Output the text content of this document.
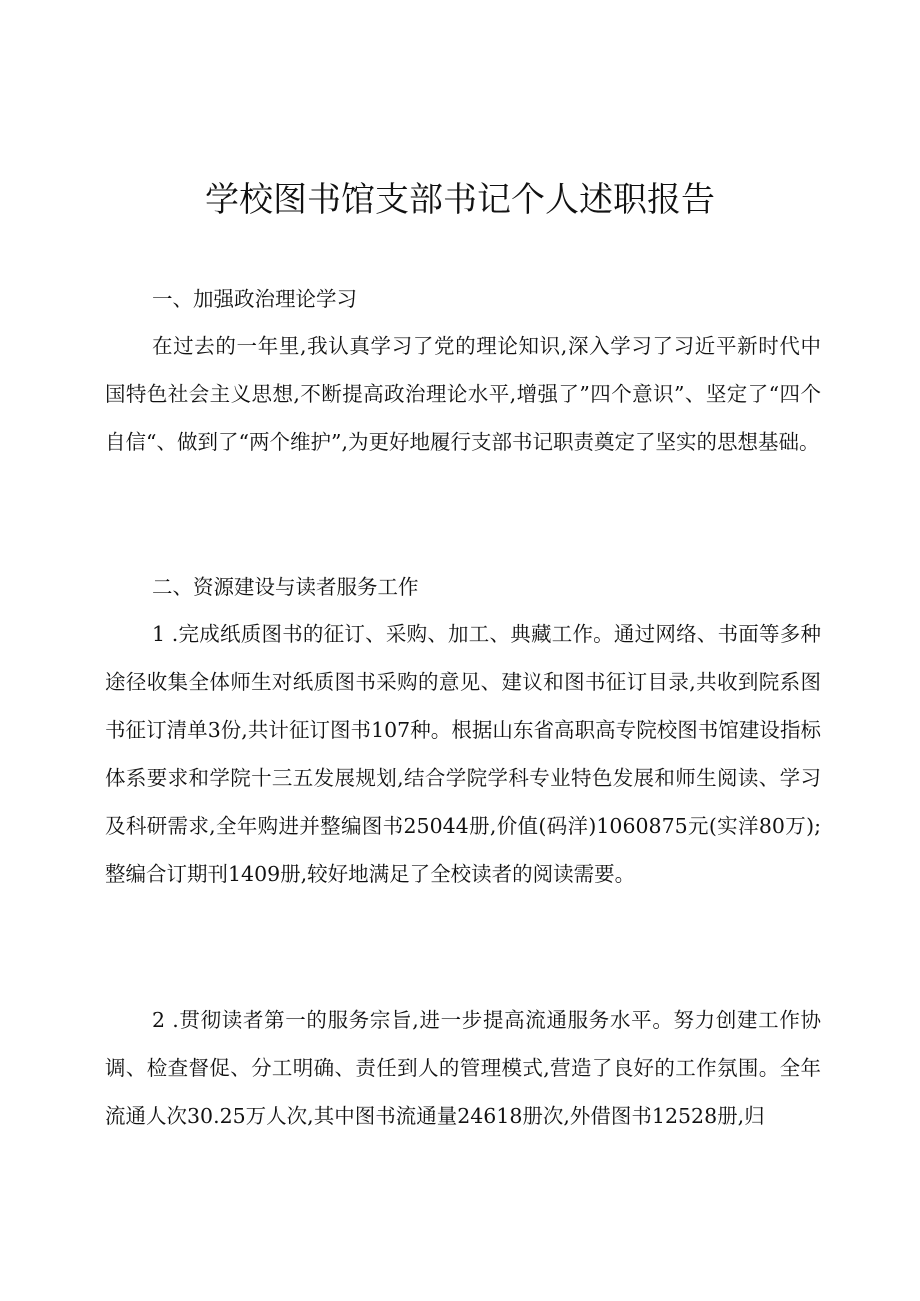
学校图书馆支部书记个人述职报告
一、加强政治理论学习

在过去的一年里,我认真学习了党的理论知识,深入学习了习近平新时代中国特色社会主义思想,不断提高政治理论水平,增强了”四个意识”、坚定了“四个自信“、做到了“两个维护”,为更好地履行支部书记职责奠定了坚实的思想基础。

二、资源建设与读者服务工作

1 .完成纸质图书的征订、采购、加工、典藏工作。通过网络、书面等多种途径收集全体师生对纸质图书采购的意见、建议和图书征订目录,共收到院系图书征订清单3份,共计征订图书107种。根据山东省高职高专院校图书馆建设指标体系要求和学院十三五发展规划,结合学院学科专业特色发展和师生阅读、学习及科研需求,全年购进并整编图书25044册,价值(码洋)1060875元(实洋80万);整编合订期刊1409册,较好地满足了全校读者的阅读需要。

2 .贯彻读者第一的服务宗旨,进一步提高流通服务水平。努力创建工作协调、检查督促、分工明确、责任到人的管理模式,营造了良好的工作氛围。全年流通人次30.25万人次,其中图书流通量24618册次,外借图书12528册,归
